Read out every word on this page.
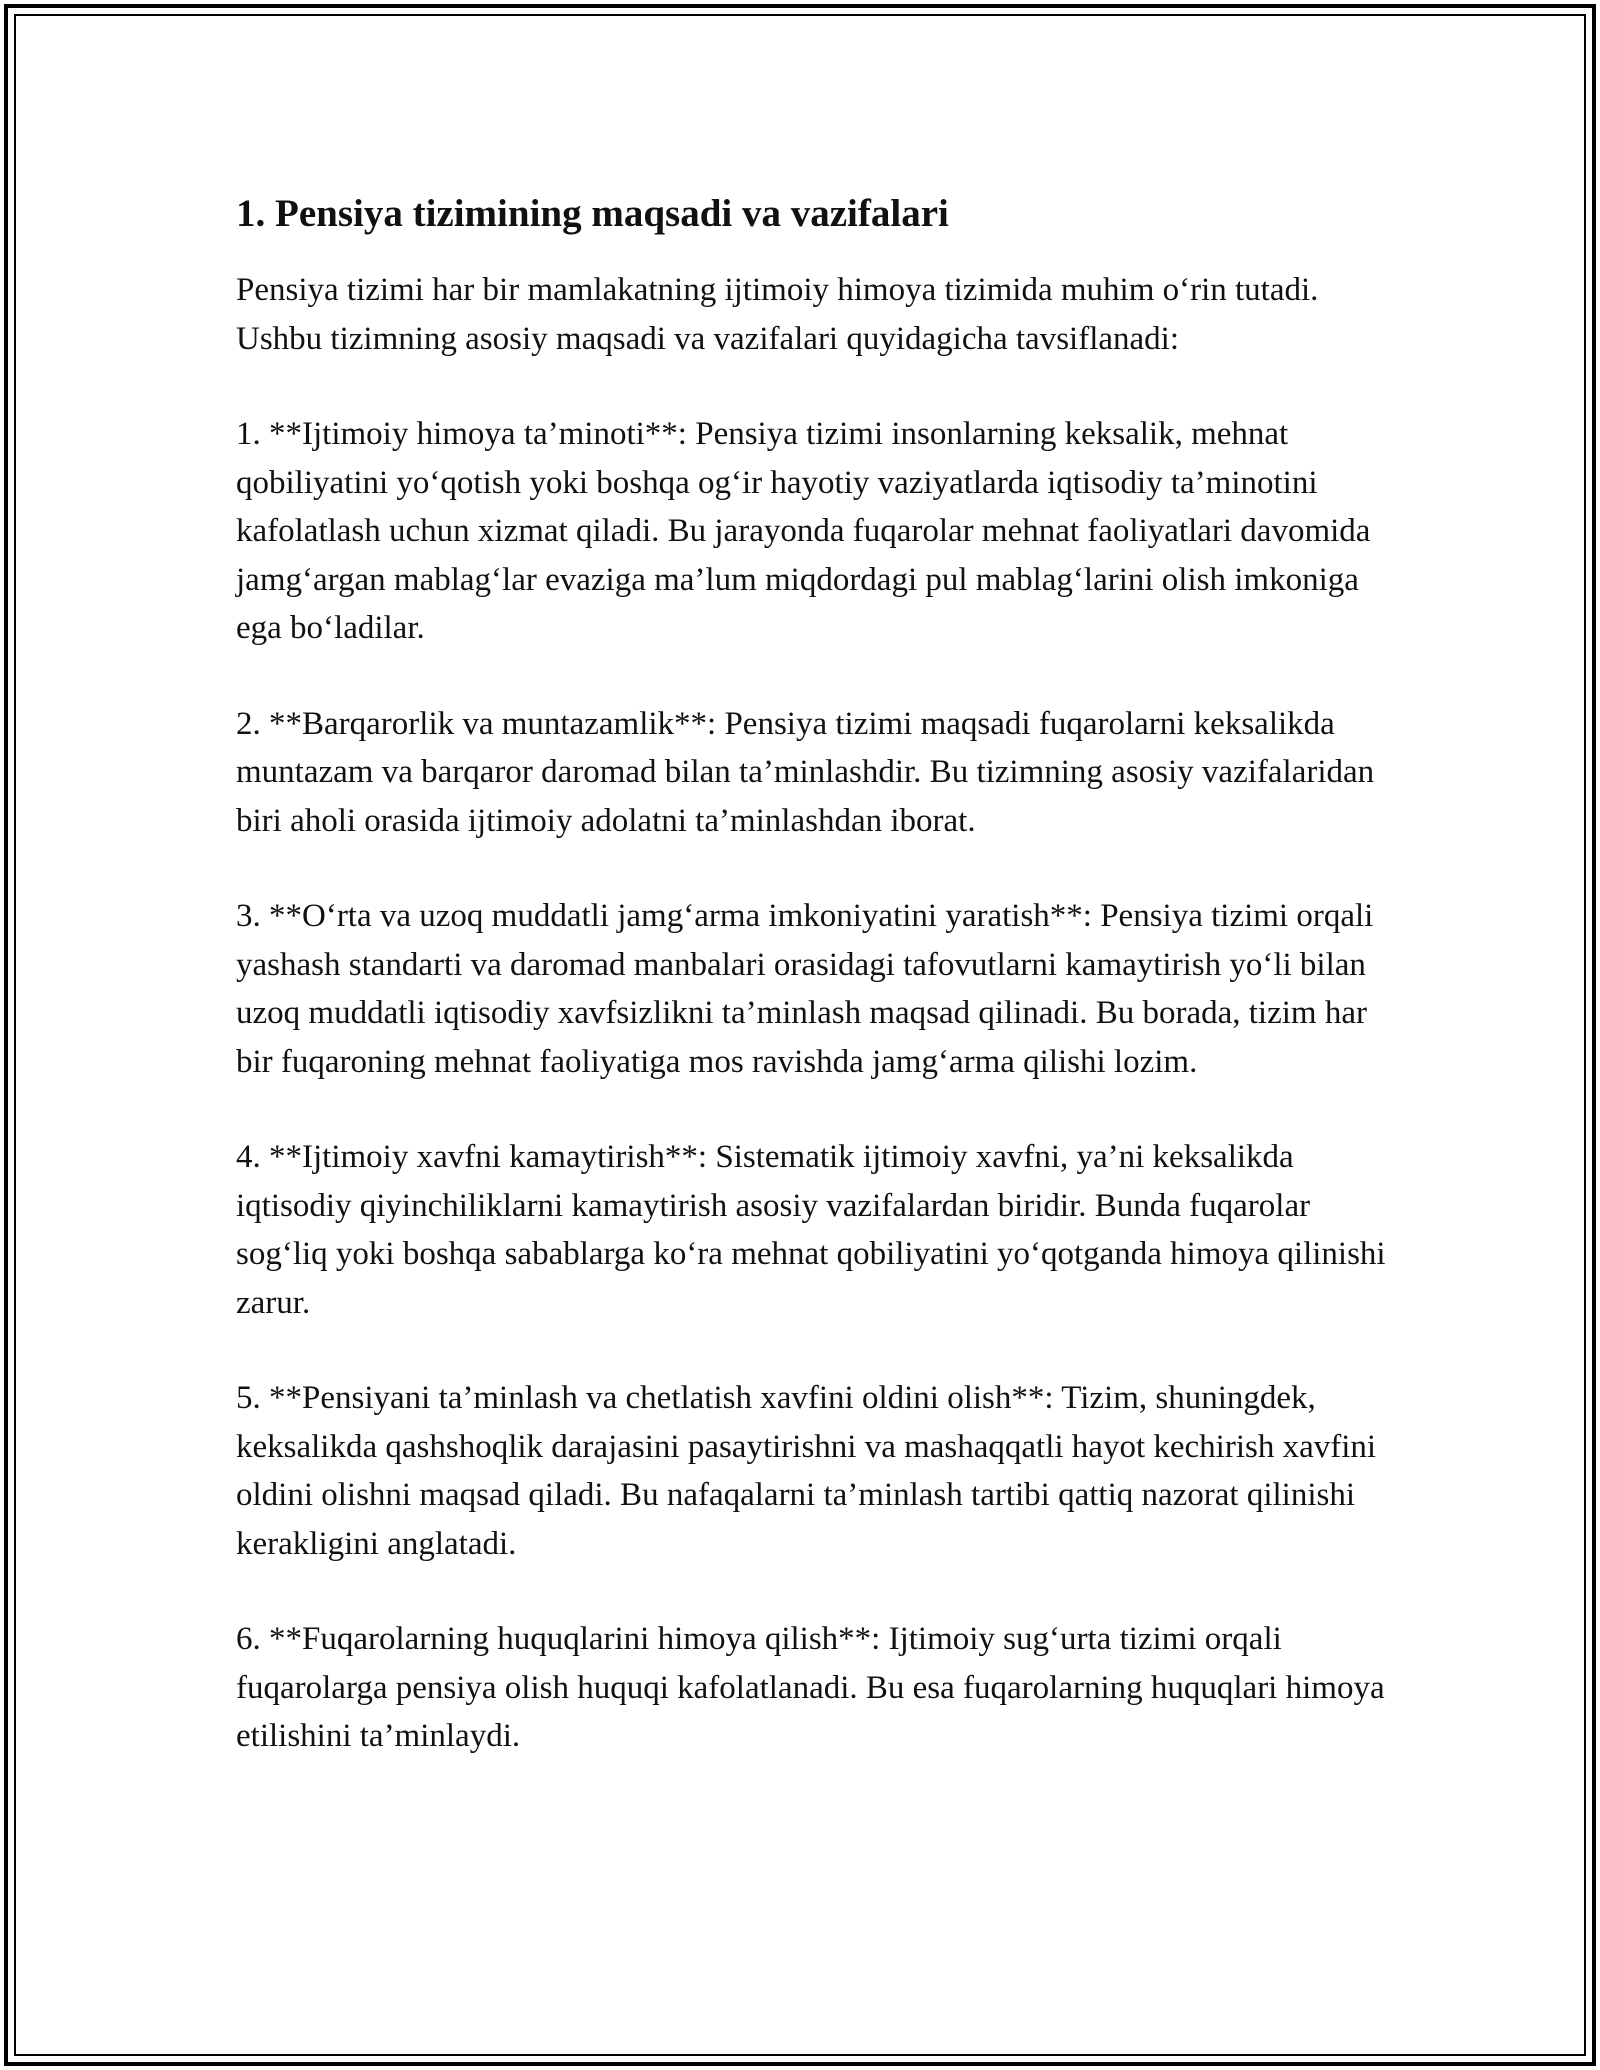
1. Pensiya tizimining maqsadi va vazifalari

Pensiya tizimi har bir mamlakatning ijtimoiy himoya tizimida muhim o‘rin tutadi. Ushbu tizimning asosiy maqsadi va vazifalari quyidagicha tavsiflanadi:

1. **Ijtimoiy himoya ta’minoti**: Pensiya tizimi insonlarning keksalik, mehnat qobiliyatini yo‘qotish yoki boshqa og‘ir hayotiy vaziyatlarda iqtisodiy ta’minotini kafolatlash uchun xizmat qiladi. Bu jarayonda fuqarolar mehnat faoliyatlari davomida jamg‘argan mablag‘lar evaziga ma’lum miqdordagi pul mablag‘larini olish imkoniga ega bo‘ladilar.

2. **Barqarorlik va muntazamlik**: Pensiya tizimi maqsadi fuqarolarni keksalikda muntazam va barqaror daromad bilan ta’minlashdir. Bu tizimning asosiy vazifalaridan biri aholi orasida ijtimoiy adolatni ta’minlashdan iborat.

3. **O‘rta va uzoq muddatli jamg‘arma imkoniyatini yaratish**: Pensiya tizimi orqali yashash standarti va daromad manbalari orasidagi tafovutlarni kamaytirish yo‘li bilan uzoq muddatli iqtisodiy xavfsizlikni ta’minlash maqsad qilinadi. Bu borada, tizim har bir fuqaroning mehnat faoliyatiga mos ravishda jamg‘arma qilishi lozim.

4. **Ijtimoiy xavfni kamaytirish**: Sistematik ijtimoiy xavfni, ya’ni keksalikda iqtisodiy qiyinchiliklarni kamaytirish asosiy vazifalardan biridir. Bunda fuqarolar sog‘liq yoki boshqa sabablarga ko‘ra mehnat qobiliyatini yo‘qotganda himoya qilinishi zarur.

5. **Pensiyani ta’minlash va chetlatish xavfini oldini olish**: Tizim, shuningdek, keksalikda qashshoqlik darajasini pasaytirishni va mashaqqatli hayot kechirish xavfini oldini olishni maqsad qiladi. Bu nafaqalarni ta’minlash tartibi qattiq nazorat qilinishi kerakligini anglatadi.

6. **Fuqarolarning huquqlarini himoya qilish**: Ijtimoiy sug‘urta tizimi orqali fuqarolarga pensiya olish huquqi kafolatlanadi. Bu esa fuqarolarning huquqlari himoya etilishini ta’minlaydi.
